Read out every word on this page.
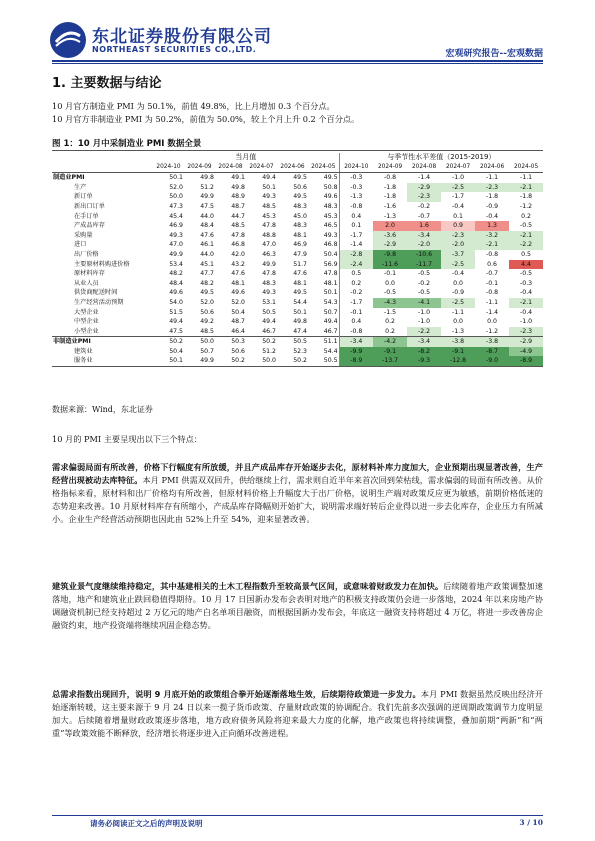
东北证券股份有限公司
NORTHEAST SECURITIES CO.,LTD.	宏观研究报告--宏观数据
1. 主要数据与结论
10 月官方制造业 PMI 为 50.1%，前值 49.8%，比上月增加 0.3 个百分点。
10 月官方非制造业 PMI 为 50.2%，前值为 50.0%，较上个月上升 0.2 个百分点。
图 1：10 月中采制造业 PMI 数据全景
	当月值						与季节性水平差值（2015-2019）					
	2024-10	2024-09	2024-08	2024-07	2024-06	2024-05	2024-10	2024-09	2024-08	2024-07	2024-06	2024-05
制造业PMI	50.1	49.8	49.1	49.4	49.5	49.5	-0.3	-0.8	-1.4	-1.0	-1.1	-1.1
生产	52.0	51.2	49.8	50.1	50.6	50.8	-0.3	-1.8	-2.9	-2.5	-2.3	-2.1
新订单	50.0	49.9	48.9	49.3	49.5	49.6	-1.3	-1.8	-2.3	-1.7	-1.8	-1.8
新出口订单	47.3	47.5	48.7	48.5	48.3	48.3	-0.8	-1.6	-0.2	-0.4	-0.9	-1.2
在手订单	45.4	44.0	44.7	45.3	45.0	45.3	0.4	-1.3	-0.7	0.1	-0.4	0.2
产成品库存	46.9	48.4	48.5	47.8	48.3	46.5	0.1	2.0	1.6	0.9	1.3	-0.5
采购量	49.3	47.6	47.8	48.8	48.1	49.3	-1.7	-3.6	-3.4	-2.3	-3.2	-2.1
进口	47.0	46.1	46.8	47.0	46.9	46.8	-1.4	-2.9	-2.0	-2.0	-2.1	-2.2
出厂价格	49.9	44.0	42.0	46.3	47.9	50.4	-2.8	-9.8	-10.6	-3.7	-0.8	0.5
主要原材料购进价格	53.4	45.1	43.2	49.9	51.7	56.9	-2.4	-11.6	-11.7	-2.5	0.6	4.4
原材料库存	48.2	47.7	47.6	47.8	47.6	47.8	0.5	-0.1	-0.5	-0.4	-0.7	-0.5
从业人员	48.4	48.2	48.1	48.3	48.1	48.1	0.2	0.0	-0.2	0.0	-0.1	-0.3
供货商配送时间	49.6	49.5	49.6	49.3	49.5	50.1	-0.2	-0.5	-0.5	-0.9	-0.8	-0.4
生产经营活动预期	54.0	52.0	52.0	53.1	54.4	54.3	-1.7	-4.3	-4.1	-2.5	-1.1	-2.1
大型企业	51.5	50.6	50.4	50.5	50.1	50.7	-0.1	-1.5	-1.0	-1.1	-1.4	-0.4
中型企业	49.4	49.2	48.7	49.4	49.8	49.4	0.4	0.2	-1.0	0.0	0.0	-1.0
小型企业	47.5	48.5	46.4	46.7	47.4	46.7	-0.8	0.2	-2.2	-1.3	-1.2	-2.3
非制造业PMI	50.2	50.0	50.3	50.2	50.5	51.1	-3.4	-4.2	-3.4	-3.8	-3.8	-2.9
建筑业	50.4	50.7	50.6	51.2	52.3	54.4	-9.9	-9.1	-8.2	-9.1	-8.7	-4.9
服务业	50.1	49.9	50.2	50.0	50.2	50.5	-8.9	-13.7	-9.3	-12.8	-9.0	-8.9
数据来源：Wind，东北证券
10 月的 PMI 主要呈现出以下三个特点：
需求偏弱局面有所改善，价格下行幅度有所放缓，并且产成品库存开始逐步去化，原材料补库力度加大，企业预期出现显著改善，生产经营出现被动去库特征。本月 PMI 供需双双回升，供给继续上行，需求则自近半年来首次回到荣枯线，需求偏弱的局面有所改善。从价格指标来看，原材料和出厂价格均有所改善，但原材料价格上升幅度大于出厂价格，说明生产端对政策反应更为敏感，前期价格低迷的态势迎来改善。10 月原材料库存有所缩小，产成品库存降幅则开始扩大，说明需求端好转后企业得以进一步去化库存，企业压力有所减小。企业生产经营活动预期也因此由 52%上升至 54%，迎来显著改善。
建筑业景气度继续维持稳定，其中基建相关的土木工程指数升至较高景气区间，或意味着财政发力在加快。后续随着地产政策调整加速落地，地产和建筑业止跌回稳值得期待。10 月 17 日国新办发布会表明对地产的积极支持政策仍会进一步落地，2024 年以来房地产协调融资机制已经支持超过 2 万亿元的地产白名单项目融资，而根据国新办发布会，年底这一融资支持将超过 4 万亿，将进一步改善房企融资约束，地产投资端将继续巩固企稳态势。
总需求指数出现回升，说明 9 月底开始的政策组合拳开始逐渐落地生效，后续期待政策进一步发力。本月 PMI 数据虽然反映出经济开始逐渐转暖，这主要来源于 9 月 24 日以来一揽子货币政策、存量财政政策的协调配合。我们先前多次强调的逆周期政策调节力度明显加大。后续随着增量财政政策逐步落地，地方政府债务风险将迎来最大力度的化解，地产政策也将持续调整，叠加前期“两新”和“两重”等政策效能不断释放，经济增长将逐步进入正向循环改善进程。
请务必阅读正文之后的声明及说明	3 / 10
